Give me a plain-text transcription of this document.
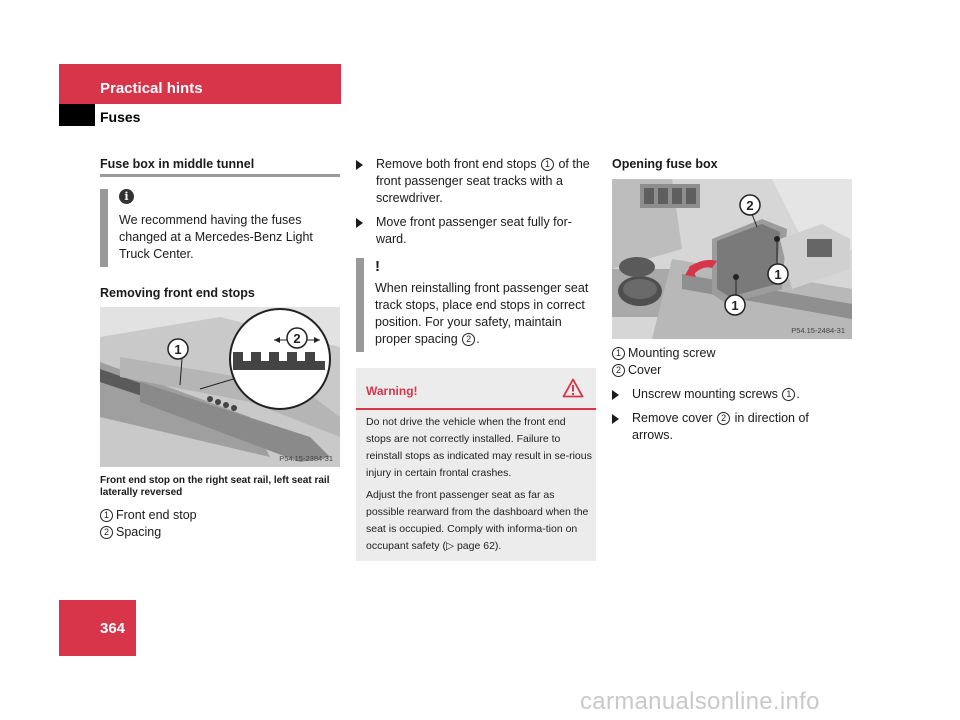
Practical hints
Fuses
Fuse box in middle tunnel
i
We recommend having the fuses changed at a Mercedes-Benz Light Truck Center.
Removing front end stops
1
2
P54.15-2384-31
Front end stop on the right seat rail, left seat rail laterally reversed
1 Front end stop
2 Spacing
Remove both front end stops 1 of the front passenger seat tracks with a screwdriver.
Move front passenger seat fully for-ward.
!
When reinstalling front passenger seat track stops, place end stops in correct position. For your safety, maintain proper spacing 2 .
Warning!

Do not drive the vehicle when the front end stops are not correctly installed. Failure to reinstall stops as indicated may result in se-rious injury in certain frontal crashes.

Adjust the front passenger seat as far as possible rearward from the dashboard when the seat is occupied. Comply with informa-tion on occupant safety (▷ page 62).

Opening fuse box
2
1
1
P54.15-2484-31
1 Mounting screw
2 Cover
Unscrew mounting screws 1 .
Remove cover 2 in direction of arrows.
364
carmanualsonline.info
